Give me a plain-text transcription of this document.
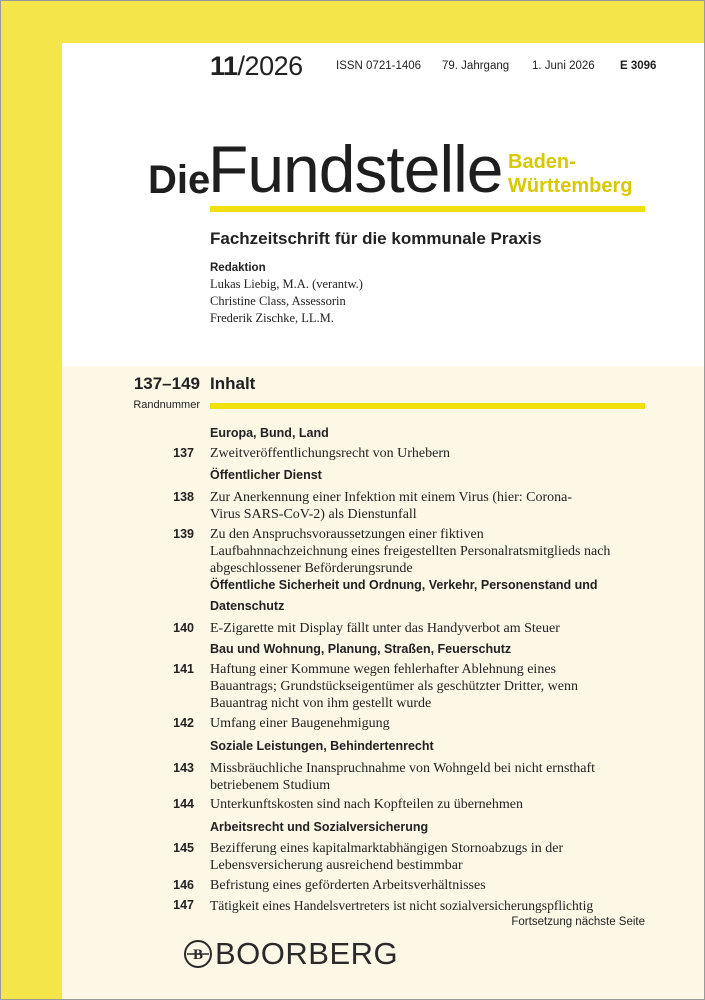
11/2026	ISSN 0721-1406 79. Jahrgang 1. Juni 2026 E 3096
Die
Fundstelle Baden-
Württemberg
Fachzeitschrift für die kommunale Praxis
Redaktion
Lukas Liebig, M.A. (verantw.)
Christine Class, Assessorin
Frederik Zischke, LL.M.
137–149
Randnummer
Inhalt
Europa, Bund, Land
137 Zweitveröffentlichungsrecht von Urhebern
Öffentlicher Dienst
138 Zur Anerkennung einer Infektion mit einem Virus (hier: Corona-
Virus SARS-CoV-2) als Dienstunfall
139 Zu den Anspruchsvoraussetzungen einer fiktiven
Laufbahnnachzeichnung eines freigestellten Personalratsmitglieds nach
abgeschlossener Beförderungsrunde
Öffentliche Sicherheit und Ordnung, Verkehr, Personenstand und
Datenschutz
140 E-Zigarette mit Display fällt unter das Handyverbot am Steuer
Bau und Wohnung, Planung, Straßen, Feuerschutz
141 Haftung einer Kommune wegen fehlerhafter Ablehnung eines
Bauantrags; Grundstückseigentümer als geschützter Dritter, wenn
Bauantrag nicht von ihm gestellt wurde
142 Umfang einer Baugenehmigung
Soziale Leistungen, Behindertenrecht
143 Missbräuchliche Inanspruchnahme von Wohngeld bei nicht ernsthaft
betriebenem Studium
144 Unterkunftskosten sind nach Kopfteilen zu übernehmen
Arbeitsrecht und Sozialversicherung
145 Bezifferung eines kapitalmarktabhängigen Stornoabzugs in der
Lebensversicherung ausreichend bestimmbar
146 Befristung eines geförderten Arbeitsverhältnisses
147 Tätigkeit eines Handelsvertreters ist nicht sozialversicherungspflichtig
Fortsetzung nächste Seite
B BOORBERG
